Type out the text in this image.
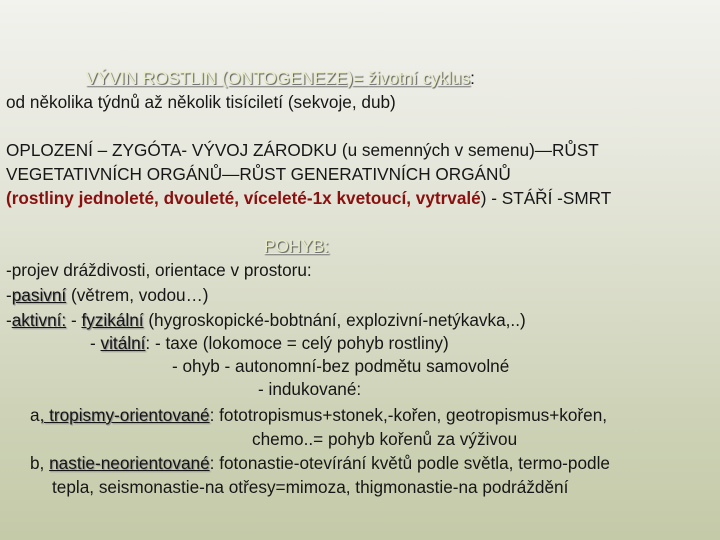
VÝVIN ROSTLIN (ONTOGENEZE)= životní cyklus:
od několika týdnů až několik tisíciletí (sekvoje, dub)
OPLOZENÍ – ZYGÓTA- VÝVOJ ZÁRODKU (u semenných v semenu)—RŮST
VEGETATIVNÍCH ORGÁNŮ—RŮST GENERATIVNÍCH ORGÁNŮ
(rostliny jednoleté, dvouleté, víceleté-1x kvetoucí, vytrvalé) - STÁŘÍ -SMRT
POHYB:
-projev dráždivosti, orientace v prostoru:
-pasivní (větrem, vodou…)
-aktivní: - fyzikální (hygroskopické-bobtnání, explozivní-netýkavka,..)
- vitální: - taxe (lokomoce = celý pohyb rostliny)
- ohyb - autonomní-bez podmětu samovolné
- indukované:
a, tropismy-orientované: fototropismus+stonek,-kořen, geotropismus+kořen,
chemo..= pohyb kořenů za výživou
b, nastie-neorientované: fotonastie-otevírání květů podle světla, termo-podle
tepla, seismonastie-na otřesy=mimoza, thigmonastie-na podráždění
